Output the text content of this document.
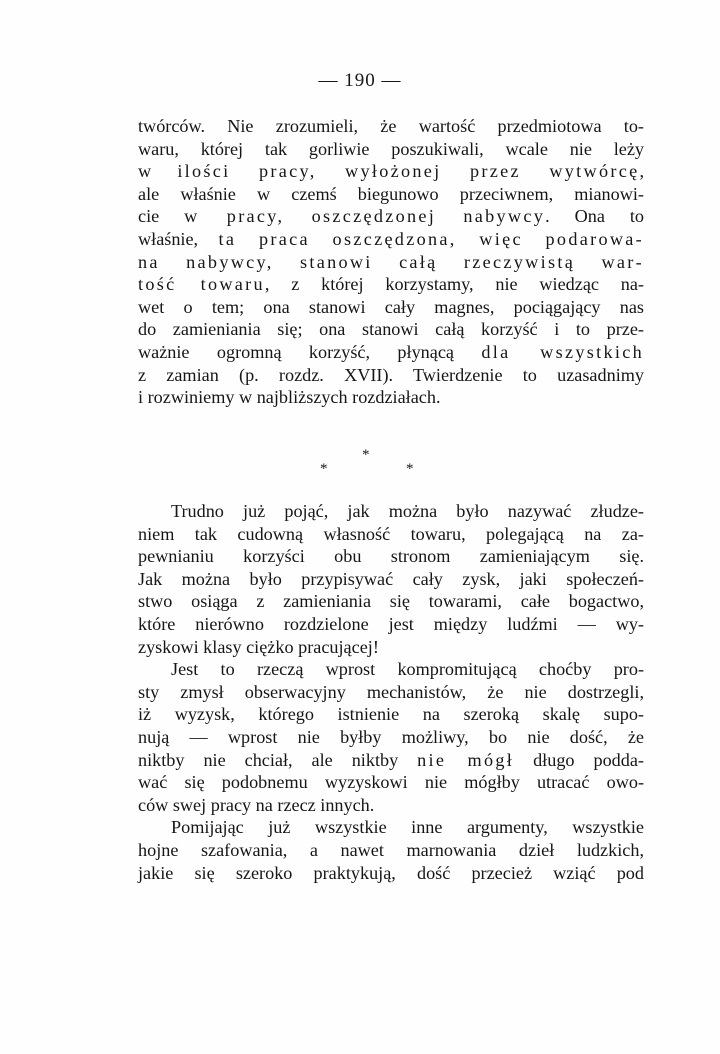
— 190 —
twórców. Nie zrozumieli, że wartość przedmiotowa to‐
waru, której tak gorliwie poszukiwali, wcale nie leży
w ilości pracy, wyłożonej przez wytwórcę,
ale właśnie w czemś biegunowo przeciwnem, mianowi‐
cie w pracy, oszczędzonej nabywcy. Ona to
właśnie, ta praca oszczędzona, więc podarowa‐
na nabywcy, stanowi całą rzeczywistą war‐
tość towaru, z której korzystamy, nie wiedząc na‐
wet o tem; ona stanowi cały magnes, pociągający nas
do zamieniania się; ona stanowi całą korzyść i to prze‐
ważnie ogromną korzyść, płynącą dla wszystkich
z zamian (p. rozdz. XVII). Twierdzenie to uzasadnimy
i rozwiniemy w najbliższych rozdziałach.
*
*	*
Trudno już pojąć, jak można było nazywać złudze‐
niem tak cudowną własność towaru, polegającą na za‐
pewnianiu korzyści obu stronom zamieniającym się.
Jak można było przypisywać cały zysk, jaki społeczeń‐
stwo osiąga z zamieniania się towarami, całe bogactwo,
które nierówno rozdzielone jest między ludźmi — wy‐
zyskowi klasy ciężko pracującej!
Jest to rzeczą wprost kompromitującą choćby pro‐
sty zmysł obserwacyjny mechanistów, że nie dostrzegli,
iż wyzysk, którego istnienie na szeroką skalę supo‐
nują — wprost nie byłby możliwy, bo nie dość, że
niktby nie chciał, ale niktby nie mógł długo podda‐
wać się podobnemu wyzyskowi nie mógłby utracać owo‐
ców swej pracy na rzecz innych.
Pomijając już wszystkie inne argumenty, wszystkie
hojne szafowania, a nawet marnowania dzieł ludzkich,
jakie się szeroko praktykują, dość przecież wziąć pod
